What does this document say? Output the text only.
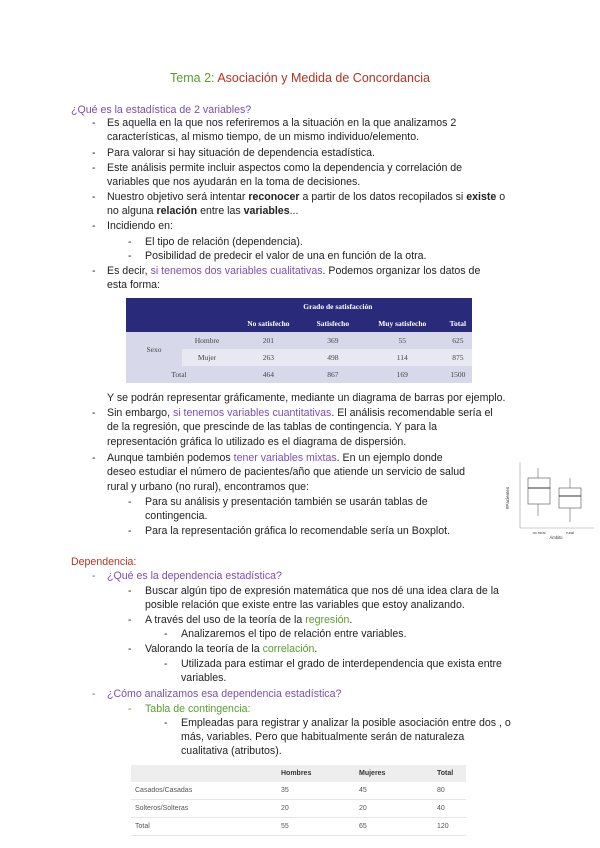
Tema 2: Asociación y Medida de Concordancia
¿Qué es la estadística de 2 variables?
- Es aquella en la que nos referiremos a la situación en la que analizamos 2
características, al mismo tiempo, de un mismo individuo/elemento.
- Para valorar si hay situación de dependencia estadística.
- Este análisis permite incluir aspectos como la dependencia y correlación de
variables que nos ayudarán en la toma de decisiones.
- Nuestro objetivo será intentar reconocer a partir de los datos recopilados si existe o
no alguna relación entre las variables...
- Incidiendo en:
- El tipo de relación (dependencia).
- Posibilidad de predecir el valor de una en función de la otra.
- Es decir, si tenemos dos variables cualitativas. Podemos organizar los datos de
esta forma:
		Grado de satisfacción			
		No satisfecho	Satisfecho	Muy satisfecho	Total
Sexo	Hombre	201	369	55	625
	Mujer	263	498	114	875
Total		464	867	169	1500
Y se podrán representar gráficamente, mediante un diagrama de barras por ejemplo.
- Sin embargo, si tenemos variables cuantitativas. El análisis recomendable sería el
de la regresión, que prescinde de las tablas de contingencia. Y para la
representación gráfica lo utilizado es el diagrama de dispersión.
- Aunque también podemos tener variables mixtas. En un ejemplo donde
deseo estudiar el número de pacientes/año que atiende un servicio de salud
rural y urbano (no rural), encontramos que:
- Para su análisis y presentación también se usarán tablas de
contingencia.
- Para la representación gráfica lo recomendable sería un Boxplot.
#Pacientes
no rural	rural
Ámbito
Dependencia:
- ¿Qué es la dependencia estadística?
- Buscar algún tipo de expresión matemática que nos dé una idea clara de la
posible relación que existe entre las variables que estoy analizando.
- A través del uso de la teoría de la regresión.
- Analizaremos el tipo de relación entre variables.
- Valorando la teoría de la correlación.
- Utilizada para estimar el grado de interdependencia que exista entre
variables.
- ¿Cómo analizamos esa dependencia estadística?
- Tabla de contingencia:
- Empleadas para registrar y analizar la posible asociación entre dos , o
más, variables. Pero que habitualmente serán de naturaleza
cualitativa (atributos).
	Hombres	Mujeres	Total
Casados/Casadas	35	45	80
Solteros/Solteras	20	20	40
Total	55	65	120
